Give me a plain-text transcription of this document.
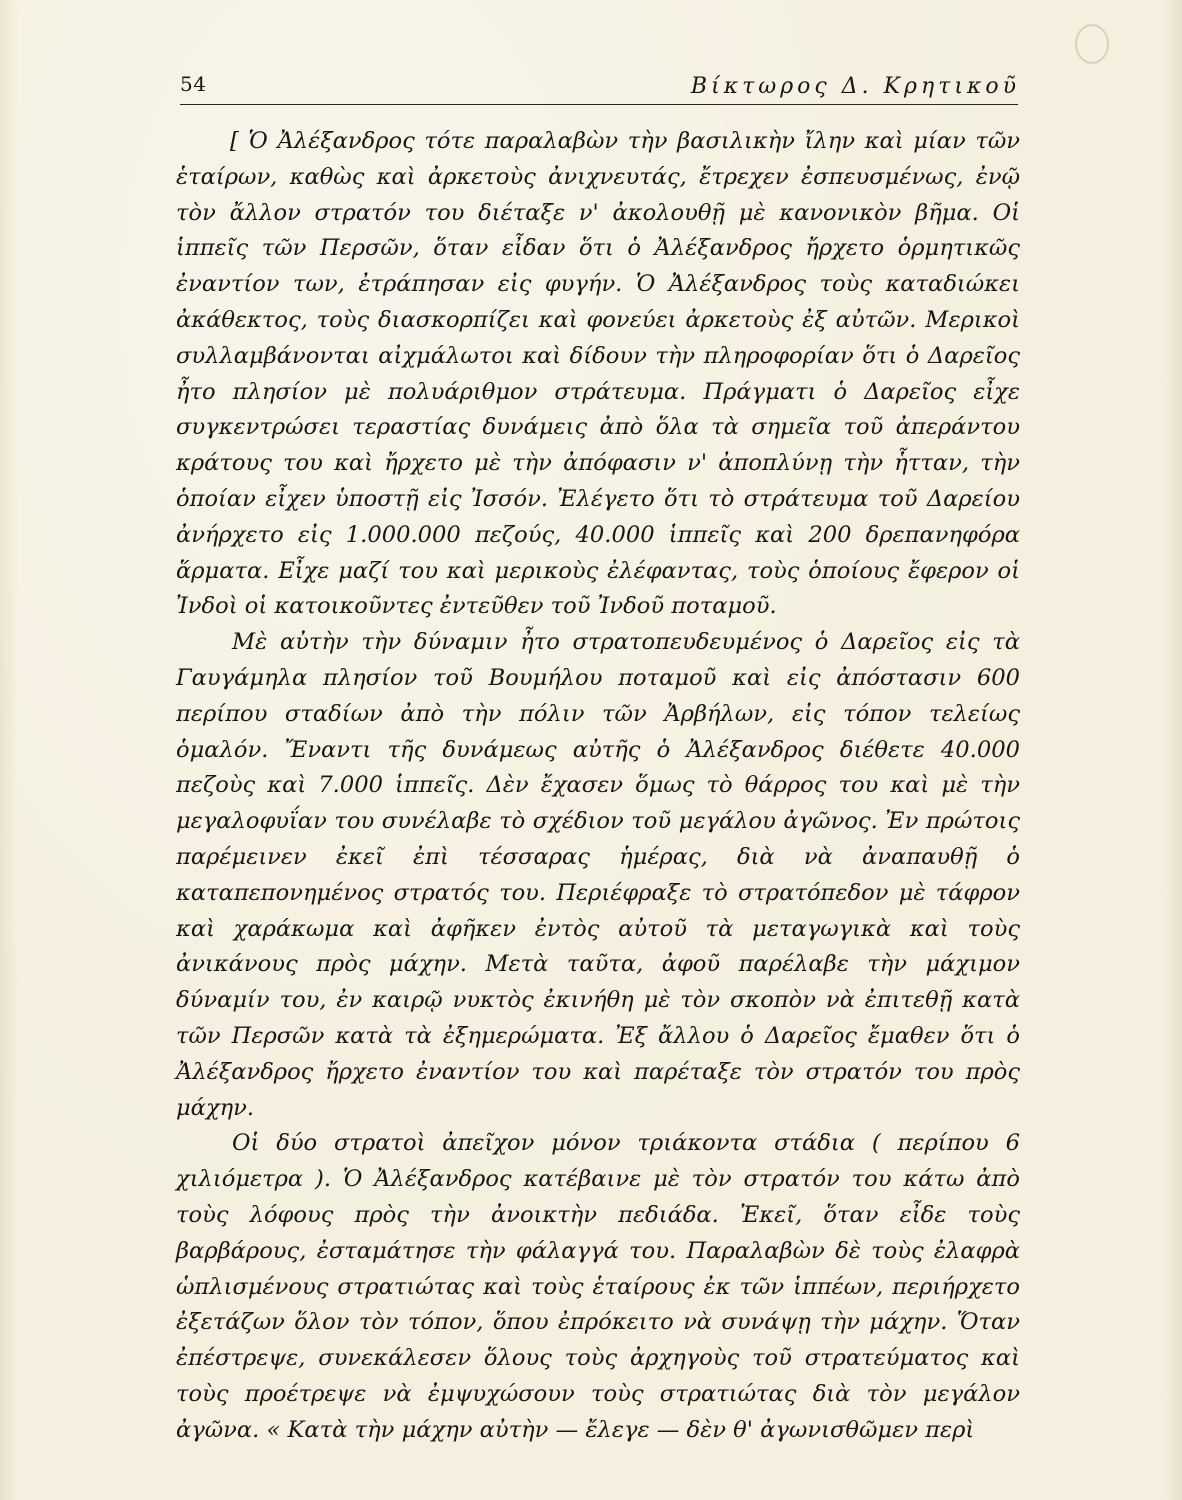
54	Βίκτωρος Δ. Κρητικοῦ

[ Ὁ Ἀλέξανδρος τότε παραλαβὼν τὴν βασιλικὴν ἴλην καὶ μίαν τῶν ἑταίρων, καθὼς καὶ ἀρκετοὺς ἀνιχνευτάς, ἔτρεχεν ἐσπευσμένως, ἐνῷ τὸν ἄλλον στρατόν του διέταξε ν' ἀκολουθῇ μὲ κανονικὸν βῆμα. Οἱ ἱππεῖς τῶν Περσῶν, ὅταν εἶδαν ὅτι ὁ Ἀλέξανδρος ἤρχετο ὁρμητικῶς ἐναντίον των, ἐτράπησαν εἰς φυγήν. Ὁ Ἀλέξανδρος τοὺς καταδιώκει ἀκάθεκτος, τοὺς διασκορπίζει καὶ φονεύει ἀρκετοὺς ἐξ αὐτῶν. Μερικοὶ συλλαμβάνονται αἰχμάλωτοι καὶ δίδουν τὴν πληροφορίαν ὅτι ὁ Δαρεῖος ἦτο πλησίον μὲ πολυάριθμον στράτευμα. Πράγματι ὁ Δαρεῖος εἶχε συγκεντρώσει τεραστίας δυνάμεις ἀπὸ ὅλα τὰ σημεῖα τοῦ ἀπεράντου κράτους του καὶ ἤρχετο μὲ τὴν ἀπόφασιν ν' ἀποπλύνῃ τὴν ἧτταν, τὴν ὁποίαν εἶχεν ὑποστῇ εἰς Ἰσσόν. Ἐλέγετο ὅτι τὸ στράτευμα τοῦ Δαρείου ἀνήρχετο εἰς 1.000.000 πεζούς, 40.000 ἱππεῖς καὶ 200 δρεπανηφόρα ἅρματα. Εἶχε μαζί του καὶ μερικοὺς ἐλέφαντας, τοὺς ὁποίους ἔφερον οἱ Ἰνδοὶ οἱ κατοικοῦντες ἐντεῦθεν τοῦ Ἰνδοῦ ποταμοῦ.

Μὲ αὐτὴν τὴν δύναμιν ἦτο στρατοπευδευμένος ὁ Δαρεῖος εἰς τὰ Γαυγάμηλα πλησίον τοῦ Βουμήλου ποταμοῦ καὶ εἰς ἀπόστασιν 600 περίπου σταδίων ἀπὸ τὴν πόλιν τῶν Ἀρβήλων, εἰς τόπον τελείως ὁμαλόν. Ἔναντι τῆς δυνάμεως αὐτῆς ὁ Ἀλέξανδρος διέθετε 40.000 πεζοὺς καὶ 7.000 ἱππεῖς. Δὲν ἔχασεν ὅμως τὸ θάρρος του καὶ μὲ τὴν μεγαλοφυΐαν του συνέλαβε τὸ σχέδιον τοῦ μεγάλου ἀγῶνος. Ἐν πρώτοις παρέμεινεν ἐκεῖ ἐπὶ τέσσαρας ἡμέρας, διὰ νὰ ἀναπαυθῇ ὁ καταπεπονημένος στρατός του. Περιέφραξε τὸ στρατόπεδον μὲ τάφρον καὶ χαράκωμα καὶ ἀφῆκεν ἐντὸς αὐτοῦ τὰ μεταγωγικὰ καὶ τοὺς ἀνικάνους πρὸς μάχην. Μετὰ ταῦτα, ἀφοῦ παρέλαβε τὴν μάχιμον δύναμίν του, ἐν καιρῷ νυκτὸς ἐκινήθη μὲ τὸν σκοπὸν νὰ ἐπιτεθῇ κατὰ τῶν Περσῶν κατὰ τὰ ἐξημερώματα. Ἐξ ἄλλου ὁ Δαρεῖος ἔμαθεν ὅτι ὁ Ἀλέξανδρος ἤρχετο ἐναντίον του καὶ παρέταξε τὸν στρατόν του πρὸς μάχην.

Οἱ δύο στρατοὶ ἀπεῖχον μόνον τριάκοντα στάδια ( περίπου 6 χιλιόμετρα ). Ὁ Ἀλέξανδρος κατέβαινε μὲ τὸν στρατόν του κάτω ἀπὸ τοὺς λόφους πρὸς τὴν ἀνοικτὴν πεδιάδα. Ἐκεῖ, ὅταν εἶδε τοὺς βαρβάρους, ἐσταμάτησε τὴν φάλαγγά του. Παραλαβὼν δὲ τοὺς ἐλαφρὰ ὡπλισμένους στρατιώτας καὶ τοὺς ἑταίρους ἐκ τῶν ἱππέων, περιήρχετο ἐξετάζων ὅλον τὸν τόπον, ὅπου ἐπρόκειτο νὰ συνάψῃ τὴν μάχην. Ὅταν ἐπέστρεψε, συνεκάλεσεν ὅλους τοὺς ἀρχηγοὺς τοῦ στρατεύματος καὶ τοὺς προέτρεψε νὰ ἐμψυχώσουν τοὺς στρατιώτας διὰ τὸν μεγάλον ἀγῶνα. « Κατὰ τὴν μάχην αὐτὴν — ἔλεγε — δὲν θ' ἀγωνισθῶμεν περὶ
